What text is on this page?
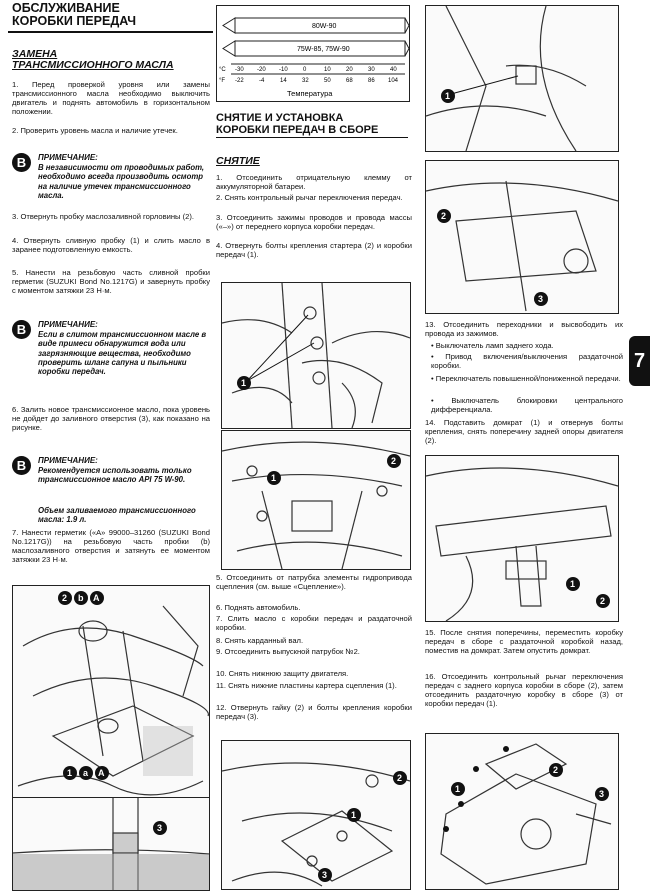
ОБСЛУЖИВАНИЕ
КОРОБКИ ПЕРЕДАЧ
ЗАМЕНА
ТРАНСМИССИОННОГО МАСЛА
1. Перед проверкой уровня или замены трансмиссионного масла необходимо выключить двигатель и поднять автомобиль в горизонтальном положении.
2. Проверить уровень масла и наличие утечек.
B	ПРИМЕЧАНИЕ:
В независимости от проводимых работ, необходимо всегда производить осмотр на наличие утечек трансмиссионного масла.
3. Отвернуть пробку маслозаливной горловины (2).
4. Отвернуть сливную пробку (1) и слить масло в заранее подготовленную емкость.
5. Нанести на резьбовую часть сливной пробки герметик (SUZUKI Bond No.1217G) и завернуть пробку с моментом затяжки 23 Н·м.
B	ПРИМЕЧАНИЕ:
Если в слитом трансмиссионном масле в виде примеси обнаружится вода или загрязняющие вещества, необходимо проверить шланг сапуна и пыльники коробки передач.
6. Залить новое трансмиссионное масло, пока уровень не дойдет до заливного отверстия (3), как показано на рисунке.
B	ПРИМЕЧАНИЕ:
Рекомендуется использовать только трансмиссионное масло API 75 W-90.
Объем заливаемого трансмиссионного масла: 1.9 л.
7. Нанести герметик («А» 99000–31260 (SUZUKI Bond No.1217G)) на резьбовую часть пробки (b) маслозаливного отверстия и затянуть ее моментом затяжки 23 Н·м.
2 b A
1 a A
3
80W-90
75W-85, 75W-90
°C
°F
-30 -20 -10	0	10	20	30	40
-22	-4	14	32	50	68	86 104
Температура
СНЯТИЕ И УСТАНОВКА
КОРОБКИ ПЕРЕДАЧ В СБОРЕ
СНЯТИЕ
1. Отсоединить отрицательную клемму от аккумуляторной батареи.
2. Снять контрольный рычаг переключения передач.
3. Отсоединить зажимы проводов и провода массы («–») от переднего корпуса коробки передач.
4. Отвернуть болты крепления стартера (2) и коробки передач (1).
1
1
2
5. Отсоединить от патрубка элементы гидропривода сцепления (см. выше «Сцепление»).
6. Поднять автомобиль.
7. Слить масло с коробки передач и раздаточной коробки.
8. Снять карданный вал.
9. Отсоединить выпускной патрубок №2.
10. Снять нижнюю защиту двигателя.
11. Снять нижние пластины картера сцепления (1).
12. Отвернуть гайку (2) и болты крепления коробки передач (3).
2
1
3
1
2
3
13. Отсоединить переходники и высвободить их провода из зажимов.
• Выключатель ламп заднего хода.
• Привод включения/выключения раздаточной коробки.
• Переключатель повышенной/пониженной передачи.
• Выключатель блокировки центрального дифференциала.
14. Подставить домкрат (1) и отвернув болты крепления, снять поперечину задней опоры двигателя (2).
1
2
15. После снятия поперечины, переместить коробку передач в сборе с раздаточной коробкой назад, поместив на домкрат. Затем опустить домкрат.
16. Отсоединить контрольный рычаг переключения передач с заднего корпуса коробки в сборе (2), затем отсоединить раздаточную коробку в сборе (3) от коробки передач (1).
1
2
3
7
